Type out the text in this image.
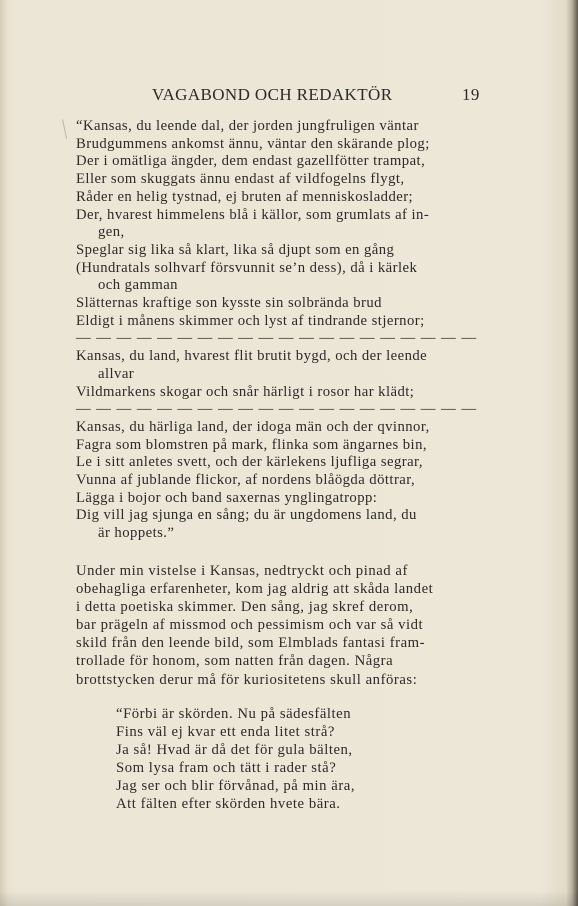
VAGABOND OCH REDAKTÖR	19
“Kansas, du leende dal, der jorden jungfruligen väntar
Brudgummens ankomst ännu, väntar den skärande plog;
Der i omätliga ängder, dem endast gazellfötter trampat,
Eller som skuggats ännu endast af vildfogelns flygt,
Råder en helig tystnad, ej bruten af menniskosladder;
Der, hvarest himmelens blå i källor, som grumlats af in-
gen,
Speglar sig lika så klart, lika så djupt som en gång
(Hundratals solhvarf försvunnit se’n dess), då i kärlek
och gamman
Slätternas kraftige son kysste sin solbrända brud
Eldigt i månens skimmer och lyst af tindrande stjernor;
— — — — — — — — — — — — — — — — — — — —
Kansas, du land, hvarest flit brutit bygd, och der leende
allvar
Vildmarkens skogar och snår härligt i rosor har klädt;
— — — — — — — — — — — — — — — — — — — —
Kansas, du härliga land, der idoga män och der qvinnor,
Fagra som blomstren på mark, flinka som ängarnes bin,
Le i sitt anletes svett, och der kärlekens ljufliga segrar,
Vunna af jublande flickor, af nordens blåögda döttrar,
Lägga i bojor och band saxernas ynglingatropp:
Dig vill jag sjunga en sång; du är ungdomens land, du
är hoppets.”
Under min vistelse i Kansas, nedtryckt och pinad af
obehagliga erfarenheter, kom jag aldrig att skåda landet
i detta poetiska skimmer. Den sång, jag skref derom,
bar prägeln af missmod och pessimism och var så vidt
skild från den leende bild, som Elmblads fantasi fram-
trollade för honom, som natten från dagen. Några
brottstycken derur må för kuriositetens skull anföras:
“Förbi är skörden. Nu på sädesfälten
Fins väl ej kvar ett enda litet strå?
Ja så! Hvad är då det för gula bälten,
Som lysa fram och tätt i rader stå?
Jag ser och blir förvånad, på min ära,
Att fälten efter skörden hvete bära.
